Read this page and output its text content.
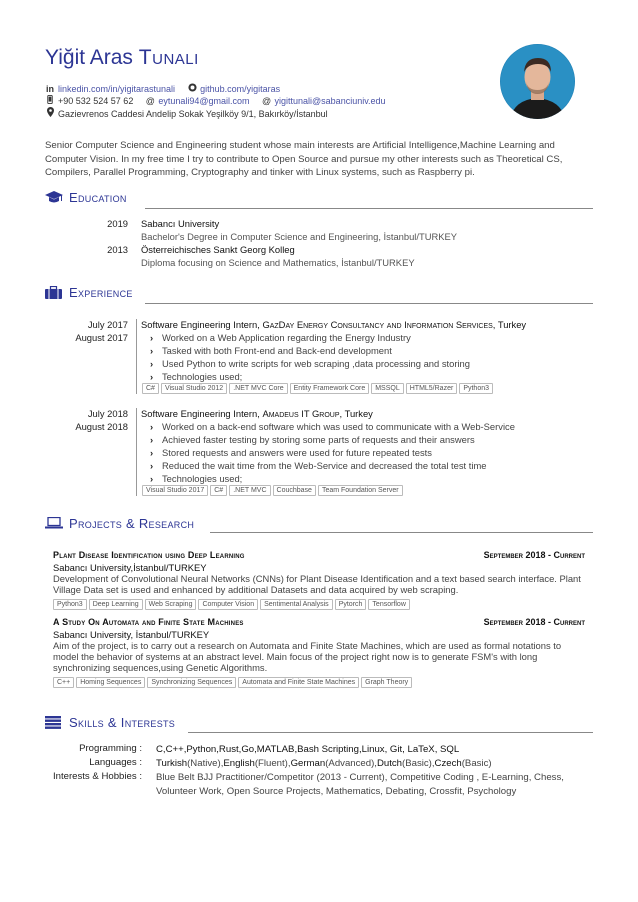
Yiğit Aras Tunalı
in linkedin.com/in/yigitarastunali	github.com/yigitaras
+90 532 524 57 62 @ eytunali94@gmail.com @ yigittunali@sabanciuniv.edu
Gazievrenos Caddesi Andelip Sokak Yeşilköy 9/1, Bakırköy/İstanbul
Senior Computer Science and Engineering student whose main interests are Artificial Intelligence,Machine Learning and Computer Vision. In my free time I try to contribute to Open Source and pursue my other interests such as Theoretical CS, Compilers, Parallel Programming, Cryptography and tinker with Linux systems, such as Raspberry pi.
Education
2019 Sabancı University
Bachelor's Degree in Computer Science and Engineering, İstanbul/TURKEY
2013 Österreichisches Sankt Georg Kolleg
Diploma focusing on Science and Mathematics, İstanbul/TURKEY
Experience
July 2017
August 2017
Software Engineering Intern, GazDay Energy Consultancy and Information Services, Turkey
› Worked on a Web Application regarding the Energy Industry
› Tasked with both Front-end and Back-end development
› Used Python to write scripts for web scraping ,data processing and storing
› Technologies used;
C# Visual Studio 2012 .NET MVC Core Entity Framework Core MSSQL HTML5/Razer Python3
July 2018
August 2018
Software Engineering Intern, Amadeus IT Group, Turkey
› Worked on a back-end software which was used to communicate with a Web-Service
› Achieved faster testing by storing some parts of requests and their answers
› Stored requests and answers were used for future repeated tests
› Reduced the wait time from the Web-Service and decreased the total test time
› Technologies used;
Visual Studio 2017 C# .NET MVC Couchbase Team Foundation Server
Projects & Research
Plant Disease Identification using Deep Learning	September 2018 - Current
Sabancı University,İstanbul/TURKEY
Development of Convolutional Neural Networks (CNNs) for Plant Disease Identification and a text based search interface. Plant Village Data set is used and enhanced by additional Datasets and data acquired by web scraping.
Python3 Deep Learning Web Scraping Computer Vision Sentimental Analysis Pytorch Tensorflow
A Study On Automata and Finite State Machines	September 2018 - Current
Sabancı University, İstanbul/TURKEY
Aim of the project, is to carry out a research on Automata and Finite State Machines, which are used as formal notations to model the behavior of systems at an abstract level. Main focus of the project right now is to generate FSM's with long synchronizing sequences,using Genetic Algorithms.
C++ Homing Sequences Synchronizing Sequences Automata and Finite State Machines Graph Theory
Skills & Interests
Programming : C,C++,Python,Rust,Go,MATLAB,Bash Scripting,Linux, Git, LaTeX, SQL
Languages : Turkish(Native),English(Fluent),German(Advanced),Dutch(Basic),Czech(Basic)
Interests & Hobbies : Blue Belt BJJ Practitioner/Competitor (2013 - Current), Competitive Coding , E-Learning, Chess, Volunteer Work, Open Source Projects, Mathematics, Debating, Crossfit, Psychology
